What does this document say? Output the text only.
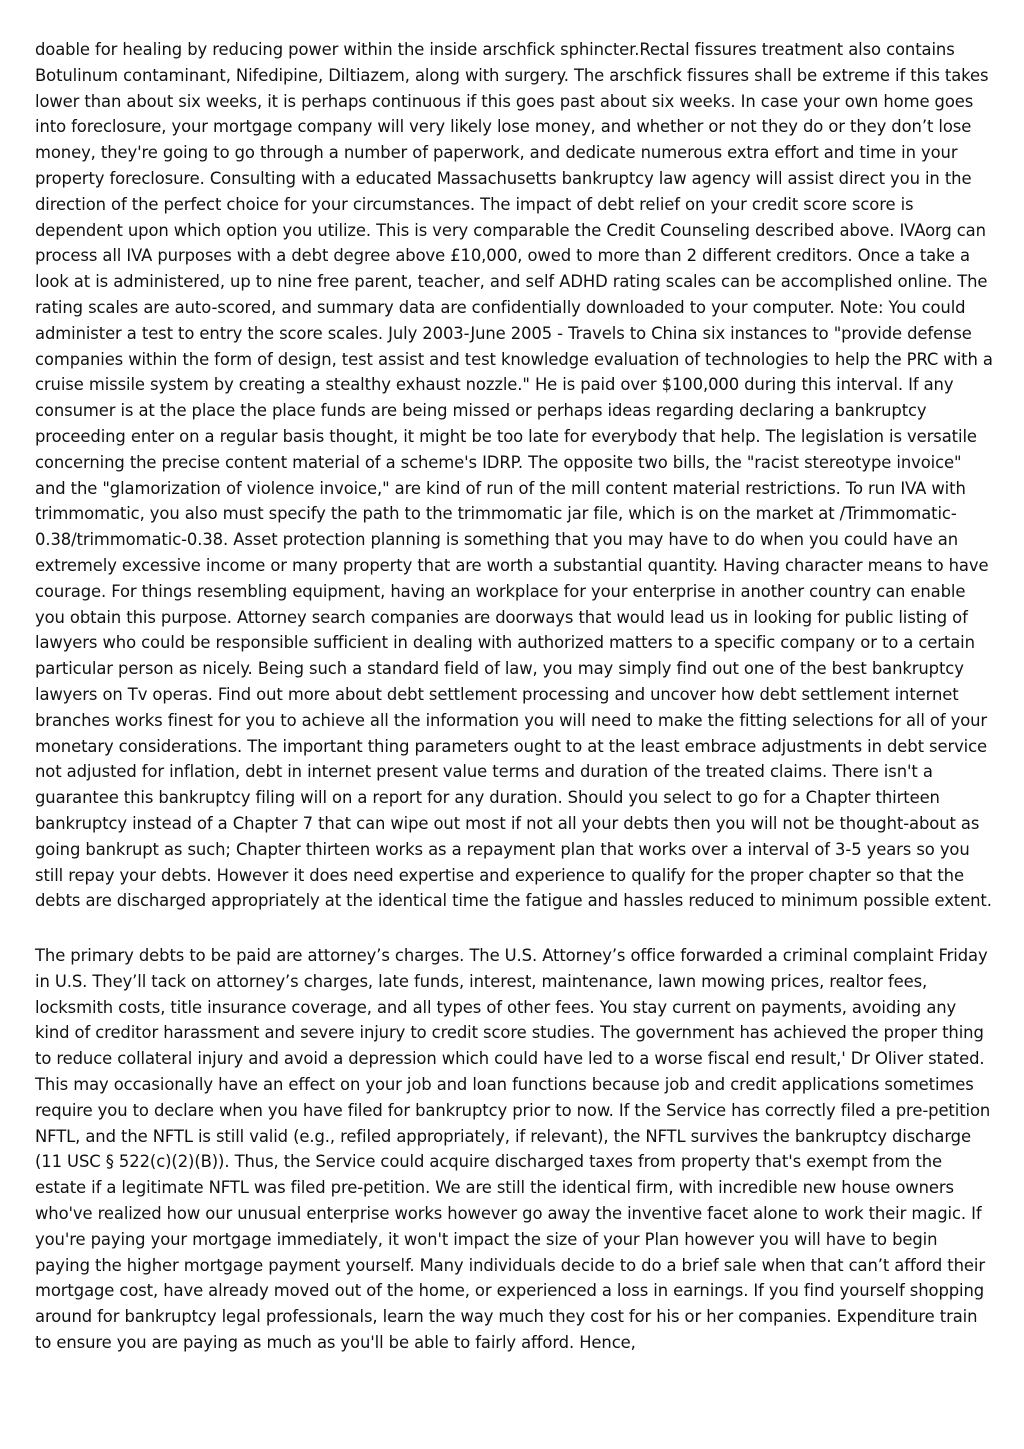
doable for healing by reducing power within the inside arschfick sphincter.Rectal fissures treatment also contains Botulinum contaminant, Nifedipine, Diltiazem, along with surgery. The arschfick fissures shall be extreme if this takes lower than about six weeks, it is perhaps continuous if this goes past about six weeks. In case your own home goes into foreclosure, your mortgage company will very likely lose money, and whether or not they do or they don’t lose money, they're going to go through a number of paperwork, and dedicate numerous extra effort and time in your property foreclosure. Consulting with a educated Massachusetts bankruptcy law agency will assist direct you in the direction of the perfect choice for your circumstances. The impact of debt relief on your credit score score is dependent upon which option you utilize. This is very comparable the Credit Counseling described above. IVAorg can process all IVA purposes with a debt degree above £10,000, owed to more than 2 different creditors. Once a take a look at is administered, up to nine free parent, teacher, and self ADHD rating scales can be accomplished online. The rating scales are auto-scored, and summary data are confidentially downloaded to your computer. Note: You could administer a test to entry the score scales. July 2003-June 2005 - Travels to China six instances to "provide defense companies within the form of design, test assist and test knowledge evaluation of technologies to help the PRC with a cruise missile system by creating a stealthy exhaust nozzle." He is paid over $100,000 during this interval. If any consumer is at the place the place funds are being missed or perhaps ideas regarding declaring a bankruptcy proceeding enter on a regular basis thought, it might be too late for everybody that help. The legislation is versatile concerning the precise content material of a scheme's IDRP. The opposite two bills, the "racist stereotype invoice" and the "glamorization of violence invoice," are kind of run of the mill content material restrictions. To run IVA with trimmomatic, you also must specify the path to the trimmomatic jar file, which is on the market at /Trimmomatic-0.38/trimmomatic-0.38. Asset protection planning is something that you may have to do when you could have an extremely excessive income or many property that are worth a substantial quantity. Having character means to have courage. For things resembling equipment, having an workplace for your enterprise in another country can enable you obtain this purpose. Attorney search companies are doorways that would lead us in looking for public listing of lawyers who could be responsible sufficient in dealing with authorized matters to a specific company or to a certain particular person as nicely. Being such a standard field of law, you may simply find out one of the best bankruptcy lawyers on Tv operas. Find out more about debt settlement processing and uncover how debt settlement internet branches works finest for you to achieve all the information you will need to make the fitting selections for all of your monetary considerations. The important thing parameters ought to at the least embrace adjustments in debt service not adjusted for inflation, debt in internet present value terms and duration of the treated claims. There isn't a guarantee this bankruptcy filing will on a report for any duration. Should you select to go for a Chapter thirteen bankruptcy instead of a Chapter 7 that can wipe out most if not all your debts then you will not be thought-about as going bankrupt as such; Chapter thirteen works as a repayment plan that works over a interval of 3-5 years so you still repay your debts. However it does need expertise and experience to qualify for the proper chapter so that the debts are discharged appropriately at the identical time the fatigue and hassles reduced to minimum possible extent.

The primary debts to be paid are attorney’s charges. The U.S. Attorney’s office forwarded a criminal complaint Friday in U.S. They’ll tack on attorney’s charges, late funds, interest, maintenance, lawn mowing prices, realtor fees, locksmith costs, title insurance coverage, and all types of other fees. You stay current on payments, avoiding any kind of creditor harassment and severe injury to credit score studies. The government has achieved the proper thing to reduce collateral injury and avoid a depression which could have led to a worse fiscal end result,' Dr Oliver stated. This may occasionally have an effect on your job and loan functions because job and credit applications sometimes require you to declare when you have filed for bankruptcy prior to now. If the Service has correctly filed a pre-petition NFTL, and the NFTL is still valid (e.g., refiled appropriately, if relevant), the NFTL survives the bankruptcy discharge (11 USC § 522(c)(2)(B)). Thus, the Service could acquire discharged taxes from property that's exempt from the estate if a legitimate NFTL was filed pre-petition. We are still the identical firm, with incredible new house owners who've realized how our unusual enterprise works however go away the inventive facet alone to work their magic. If you're paying your mortgage immediately, it won't impact the size of your Plan however you will have to begin paying the higher mortgage payment yourself. Many individuals decide to do a brief sale when that can’t afford their mortgage cost, have already moved out of the home, or experienced a loss in earnings. If you find yourself shopping around for bankruptcy legal professionals, learn the way much they cost for his or her companies. Expenditure train to ensure you are paying as much as you'll be able to fairly afford. Hence,
